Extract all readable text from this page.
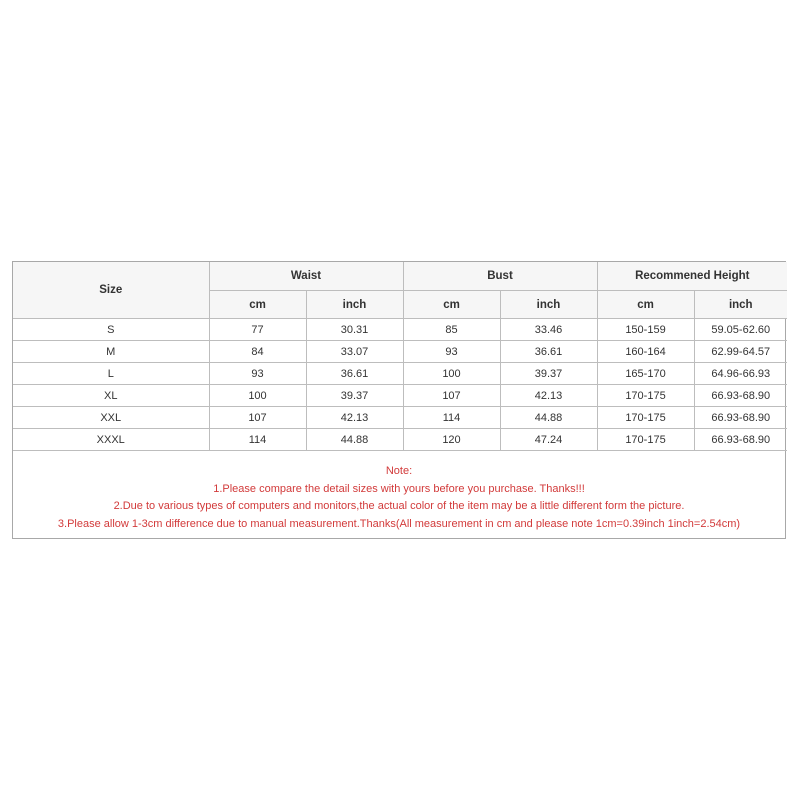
Size	Waist		Bust		Recommened Height	
	cm	inch	cm	inch	cm	inch
S	77	30.31	85	33.46	150-159	59.05-62.60
M	84	33.07	93	36.61	160-164	62.99-64.57
L	93	36.61	100	39.37	165-170	64.96-66.93
XL	100	39.37	107	42.13	170-175	66.93-68.90
XXL	107	42.13	114	44.88	170-175	66.93-68.90
XXXL	114	44.88	120	47.24	170-175	66.93-68.90
Note:
1.Please compare the detail sizes with yours before you purchase. Thanks!!!
2.Due to various types of computers and monitors,the actual color of the item may be a little different form the picture.
3.Please allow 1-3cm difference due to manual measurement.Thanks(All measurement in cm and please note 1cm=0.39inch 1inch=2.54cm)
